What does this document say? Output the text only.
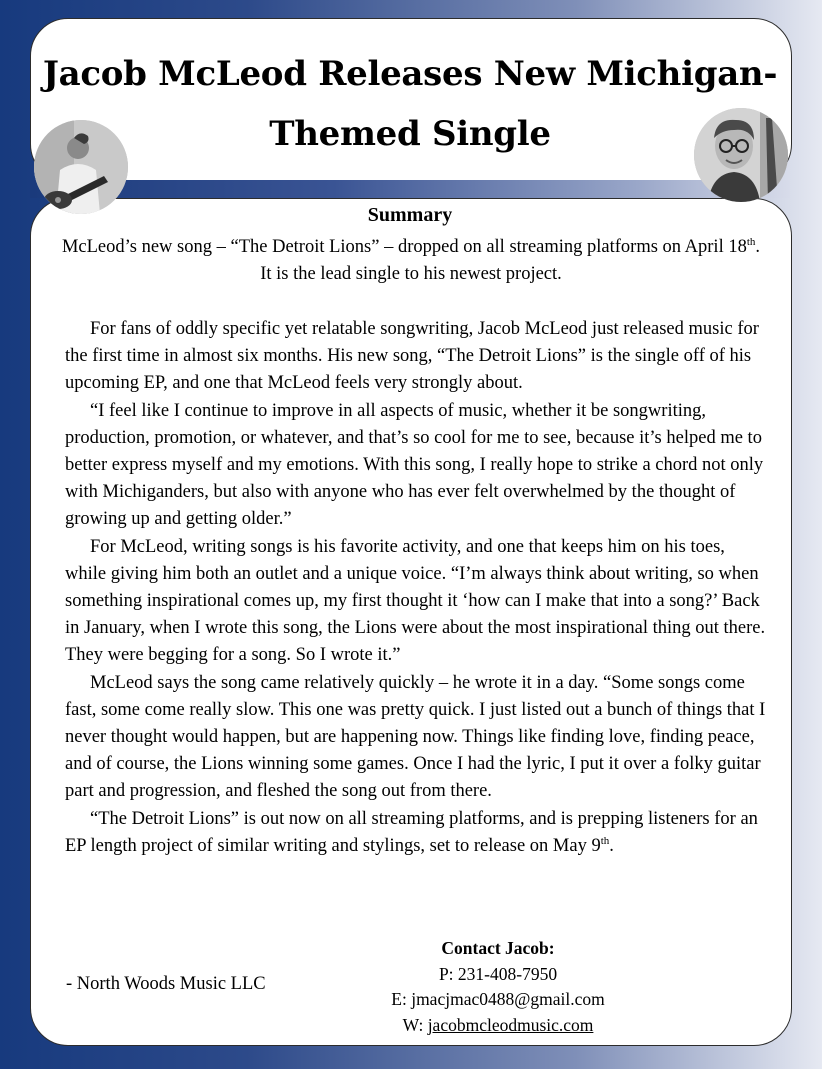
Jacob McLeod Releases New Michigan-
Themed Single
Summary

McLeod’s new song – “The Detroit Lions” – dropped on all streaming platforms on April 18th. It is the lead single to his newest project.

For fans of oddly specific yet relatable songwriting, Jacob McLeod just released music for the first time in almost six months. His new song, “The Detroit Lions” is the single off of his upcoming EP, and one that McLeod feels very strongly about.

“I feel like I continue to improve in all aspects of music, whether it be songwriting, production, promotion, or whatever, and that’s so cool for me to see, because it’s helped me to better express myself and my emotions. With this song, I really hope to strike a chord not only with Michiganders, but also with anyone who has ever felt overwhelmed by the thought of growing up and getting older.”

For McLeod, writing songs is his favorite activity, and one that keeps him on his toes, while giving him both an outlet and a unique voice. “I’m always think about writing, so when something inspirational comes up, my first thought it ‘how can I make that into a song?’ Back in January, when I wrote this song, the Lions were about the most inspirational thing out there. They were begging for a song. So I wrote it.”

McLeod says the song came relatively quickly – he wrote it in a day. “Some songs come fast, some come really slow. This one was pretty quick. I just listed out a bunch of things that I never thought would happen, but are happening now. Things like finding love, finding peace, and of course, the Lions winning some games. Once I had the lyric, I put it over a folky guitar part and progression, and fleshed the song out from there.

“The Detroit Lions” is out now on all streaming platforms, and is prepping listeners for an EP length project of similar writing and stylings, set to release on May 9th.

- North Woods Music LLC

Contact Jacob:
P: 231-408-7950
E: jmacjmac0488@gmail.com
W: jacobmcleodmusic.com
